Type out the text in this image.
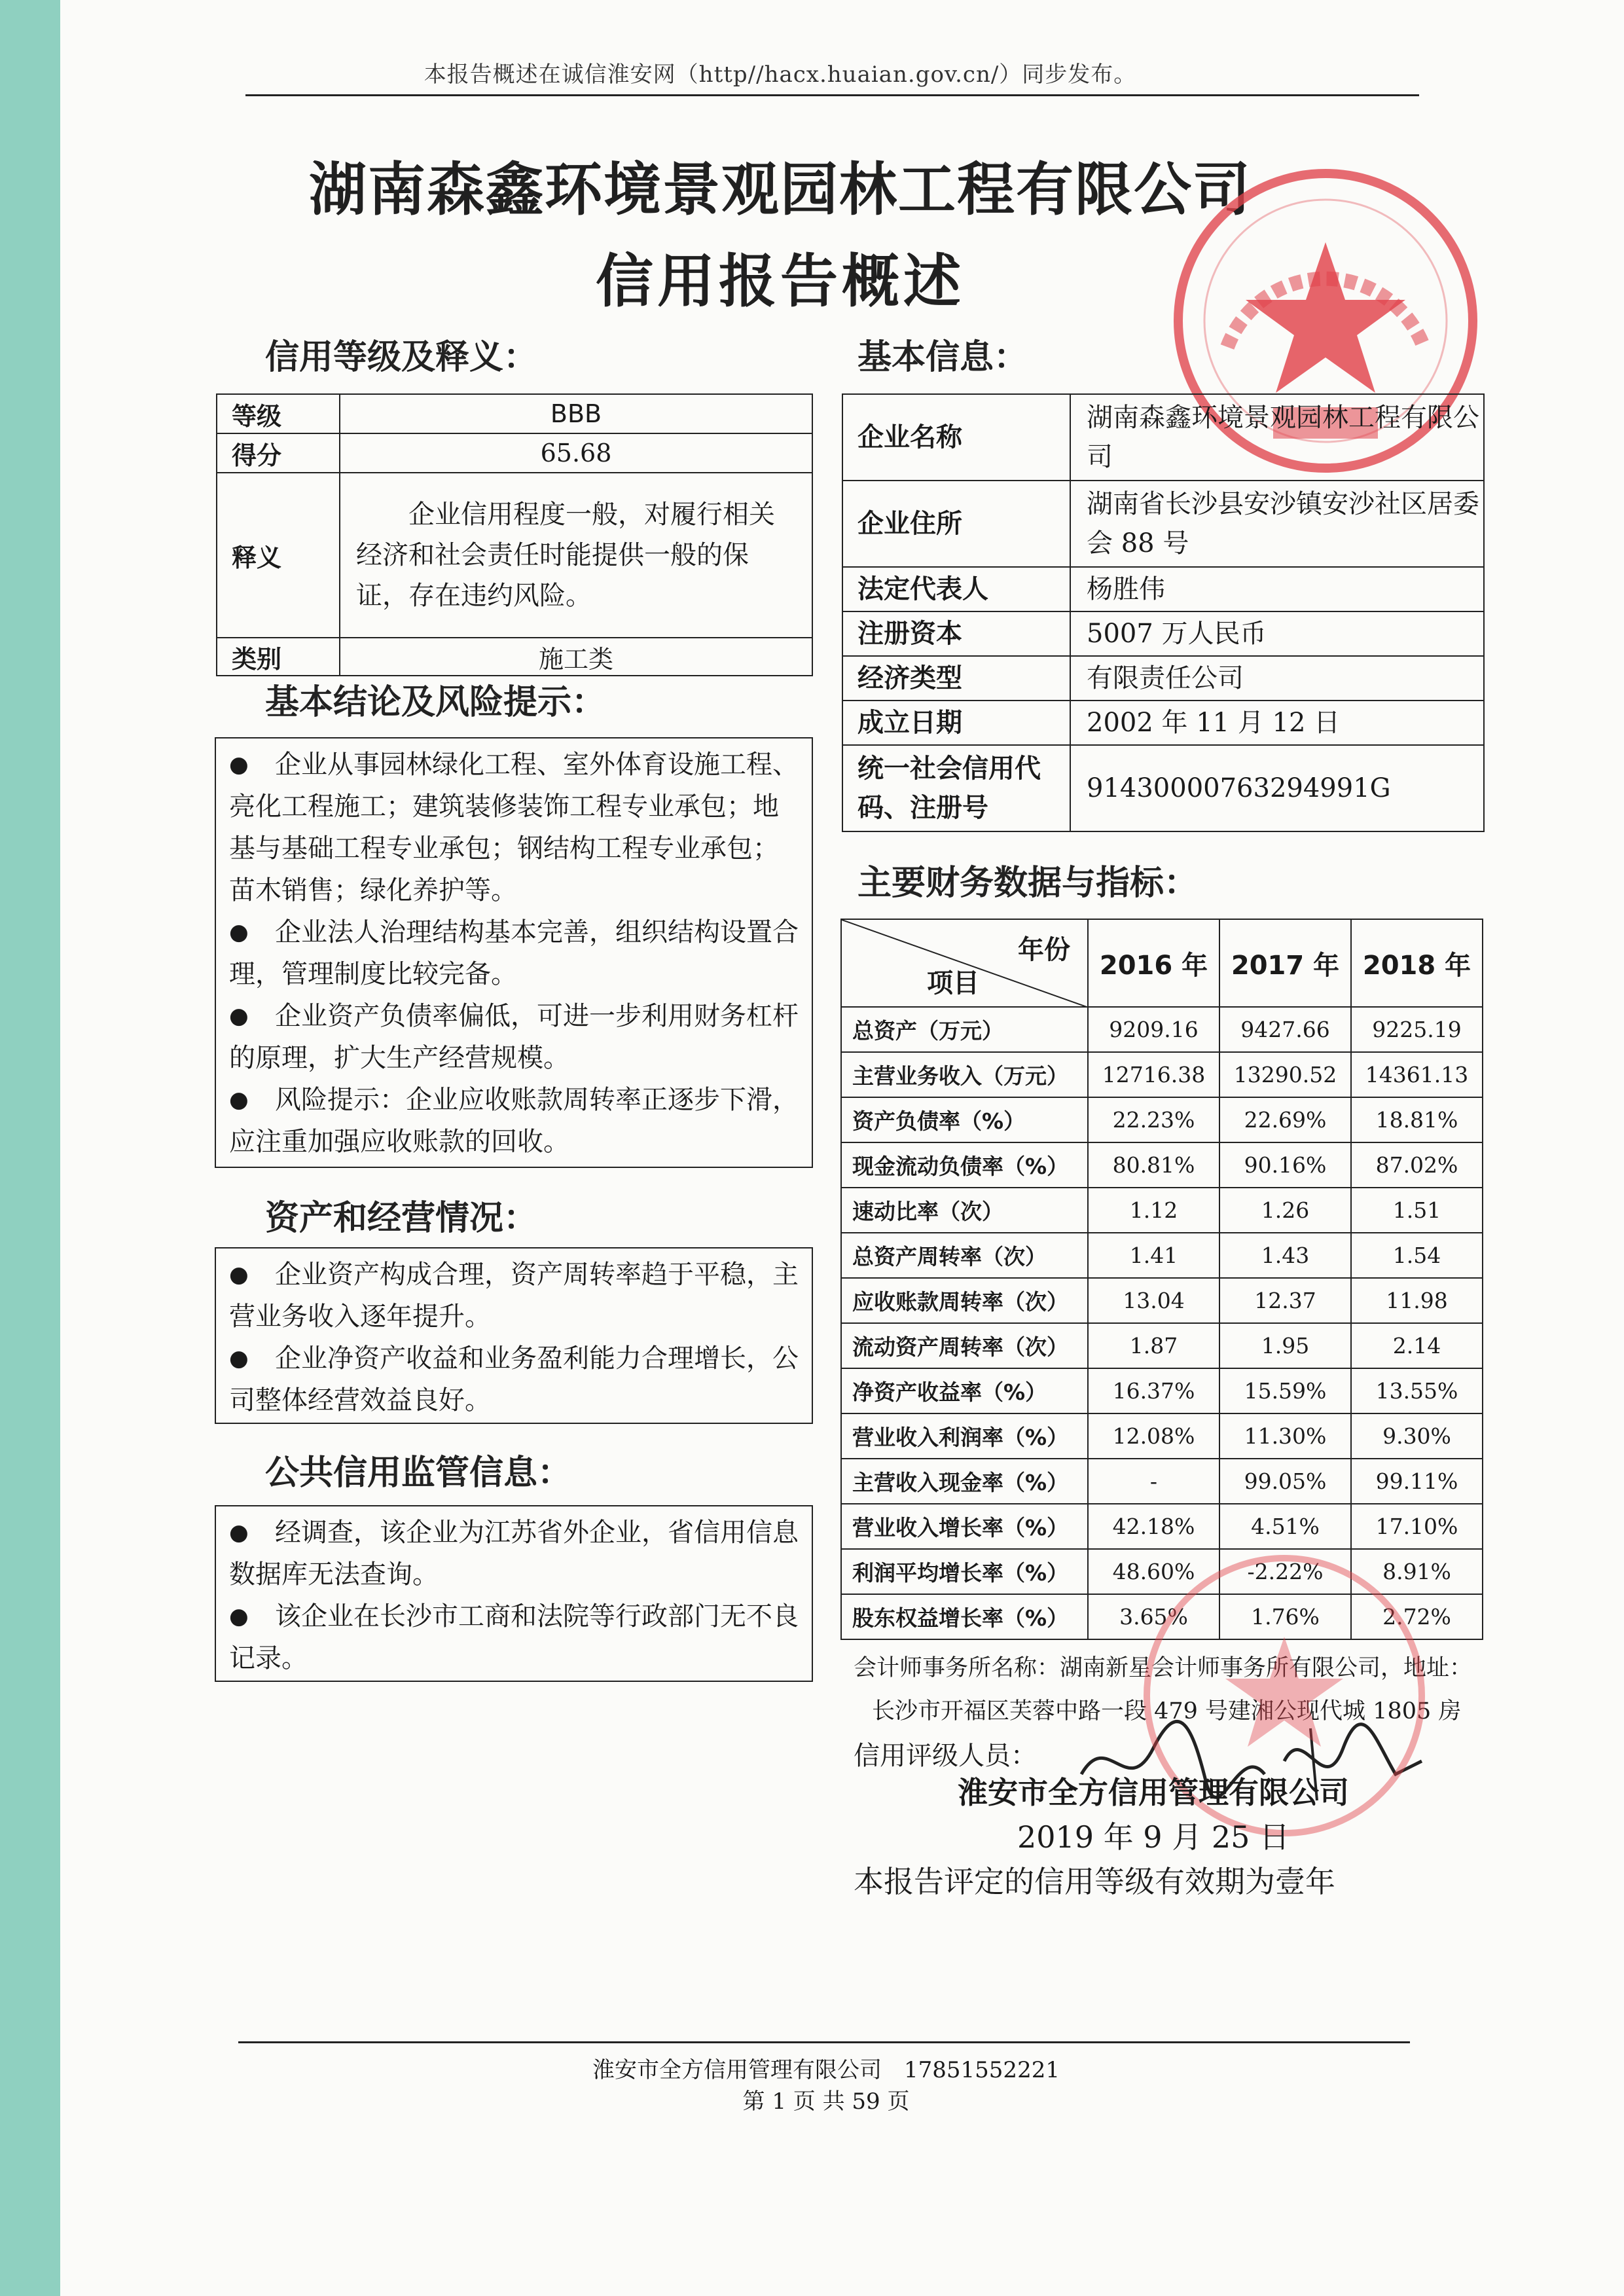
本报告概述在诚信淮安网（http//hacx.huaian.gov.cn/）同步发布。
湖南森鑫环境景观园林工程有限公司
信用报告概述
信用等级及释义：
等级	BBB
得分	65.68
释义	企业信用程度一般，对履行相关经济和社会责任时能提供一般的保证，存在违约风险。
类别	施工类
基本结论及风险提示：

● 企业从事园林绿化工程、室外体育设施工程、亮化工程施工；建筑装修装饰工程专业承包；地基与基础工程专业承包；钢结构工程专业承包；苗木销售；绿化养护等。

● 企业法人治理结构基本完善，组织结构设置合理，管理制度比较完备。

● 企业资产负债率偏低，可进一步利用财务杠杆的原理，扩大生产经营规模。

● 风险提示：企业应收账款周转率正逐步下滑，应注重加强应收账款的回收。

资产和经营情况：

● 企业资产构成合理，资产周转率趋于平稳，主营业务收入逐年提升。

● 企业净资产收益和业务盈利能力合理增长，公司整体经营效益良好。

公共信用监管信息：

● 经调查，该企业为江苏省外企业，省信用信息数据库无法查询。

● 该企业在长沙市工商和法院等行政部门无不良记录。

基本信息：
企业名称	湖南森鑫环境景观园林工程有限公司
企业住所	湖南省长沙县安沙镇安沙社区居委会 88 号
法定代表人	杨胜伟
注册资本	5007 万人民币
经济类型	有限责任公司
成立日期	2002 年 11 月 12 日
统一社会信用代码、注册号	91430000763294991G
主要财务数据与指标：
年份
项目	2016 年	2017 年	2018 年
总资产（万元）	9209.16	9427.66	9225.19
主营业务收入（万元）	12716.38	13290.52	14361.13
资产负债率（%）	22.23%	22.69%	18.81%
现金流动负债率（%）	80.81%	90.16%	87.02%
速动比率（次）	1.12	1.26	1.51
总资产周转率（次）	1.41	1.43	1.54
应收账款周转率（次）	13.04	12.37	11.98
流动资产周转率（次）	1.87	1.95	2.14
净资产收益率（%）	16.37%	15.59%	13.55%
营业收入利润率（%）	12.08%	11.30%	9.30%
主营收入现金率（%）	-	99.05%	99.11%
营业收入增长率（%）	42.18%	4.51%	17.10%
利润平均增长率（%）	48.60%	-2.22%	8.91%
股东权益增长率（%）	3.65%	1.76%	2.72%
会计师事务所名称：湖南新星会计师事务所有限公司，地址：
长沙市开福区芙蓉中路一段 479 号建湘公现代城 1805 房
信用评级人员：
淮安市全方信用管理有限公司
2019 年 9 月 25 日
本报告评定的信用等级有效期为壹年
淮安市全方信用管理有限公司　17851552221
第 1 页 共 59 页
